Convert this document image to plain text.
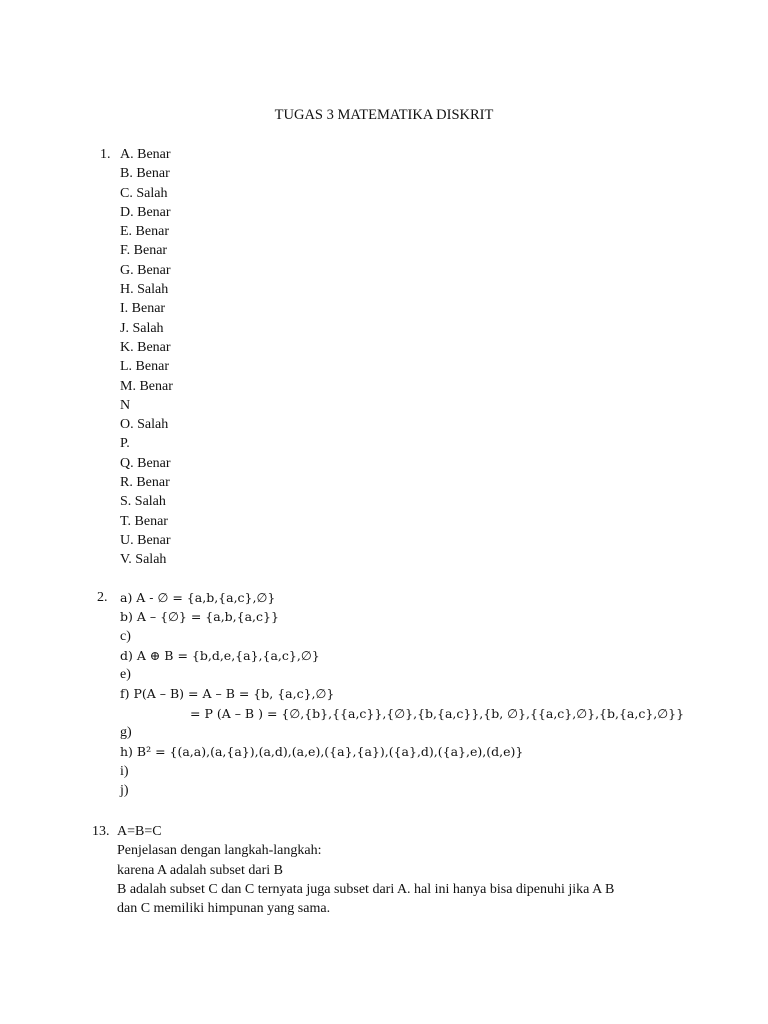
TUGAS 3 MATEMATIKA DISKRIT
1. A. Benar
B. Benar
C. Salah
D. Benar
E. Benar
F. Benar
G. Benar
H. Salah
I. Benar
J. Salah
K. Benar
L. Benar
M. Benar
N
O. Salah
P.
Q. Benar
R. Benar
S. Salah
T. Benar
U. Benar
V. Salah
2. a) A - ∅ = {a,b,{a,c},∅}
b) A – {∅} = {a,b,{a,c}}
c)
d) A ⊕ B = {b,d,e,{a},{a,c},∅}
e)
f) P(A – B) = A – B = {b, {a,c},∅}
= P (A – B ) = {∅,{b},{{a,c}},{∅},{b,{a,c}},{b, ∅},{{a,c},∅},{b,{a,c},∅}}
g)
h) B² = {(a,a),(a,{a}),(a,d),(a,e),({a},{a}),({a},d),({a},e),(d,e)}
i)
j)
13. A=B=C
Penjelasan dengan langkah-langkah:
karena A adalah subset dari B
B adalah subset C dan C ternyata juga subset dari A. hal ini hanya bisa dipenuhi jika A B
dan C memiliki himpunan yang sama.
